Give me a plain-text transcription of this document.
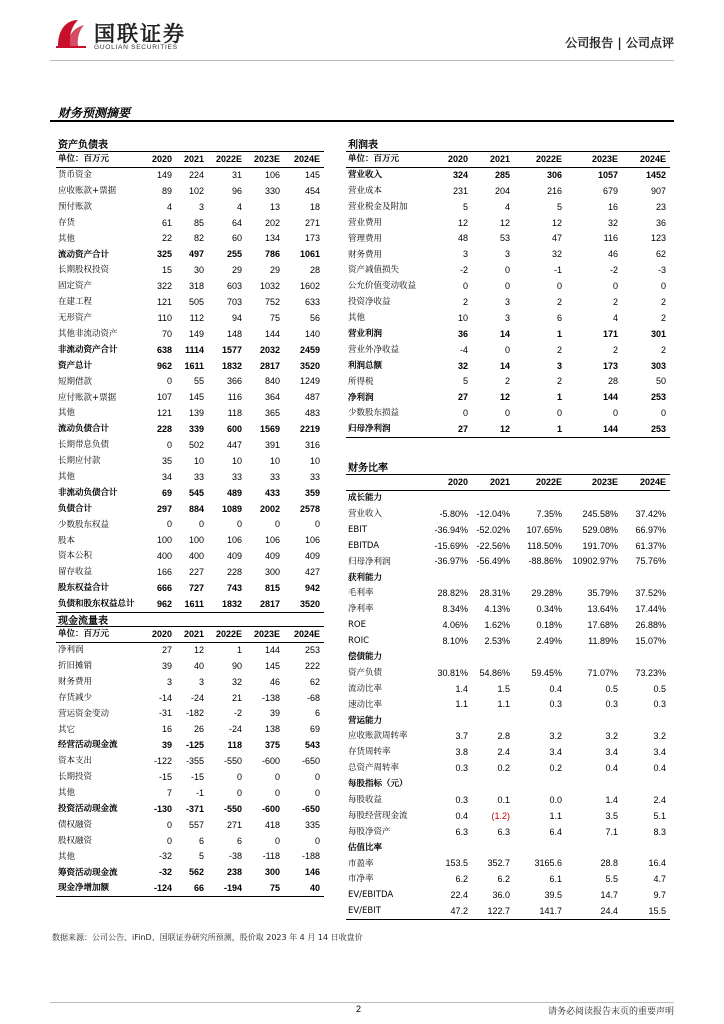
国联证券
GUOLIAN SECURITIES	公司报告 | 公司点评
财务预测摘要
资产负债表	利润表
财务比率
现金流量表
单位：百万元	2020	2021	2022E	2023E	2024E
货币资金	149	224	31	106	145
应收账款+票据	89	102	96	330	454
预付账款	4	3	4	13	18
存货	61	85	64	202	271
其他	22	82	60	134	173
流动资产合计	325	497	255	786	1061
长期股权投资	15	30	29	29	28
固定资产	322	318	603	1032	1602
在建工程	121	505	703	752	633
无形资产	110	112	94	75	56
其他非流动资产	70	149	148	144	140
非流动资产合计	638	1114	1577	2032	2459
资产总计	962	1611	1832	2817	3520
短期借款	0	55	366	840	1249
应付账款+票据	107	145	116	364	487
其他	121	139	118	365	483
流动负债合计	228	339	600	1569	2219
长期带息负债	0	502	447	391	316
长期应付款	35	10	10	10	10
其他	34	33	33	33	33
非流动负债合计	69	545	489	433	359
负债合计	297	884	1089	2002	2578
少数股东权益	0	0	0	0	0
股本	100	100	106	106	106
资本公积	400	400	409	409	409
留存收益	166	227	228	300	427
股东权益合计	666	727	743	815	942
负债和股东权益总计	962	1611	1832	2817	3520
单位：百万元	2020	2021	2022E	2023E	2024E
净利润	27	12	1	144	253
折旧摊销	39	40	90	145	222
财务费用	3	3	32	46	62
存货减少	-14	-24	21	-138	-68
营运资金变动	-31	-182	-2	39	6
其它	16	26	-24	138	69
经营活动现金流	39	-125	118	375	543
资本支出	-122	-355	-550	-600	-650
长期投资	-15	-15	0	0	0
其他	7	-1	0	0	0
投资活动现金流	-130	-371	-550	-600	-650
债权融资	0	557	271	418	335
股权融资	0	6	6	0	0
其他	-32	5	-38	-118	-188
筹资活动现金流	-32	562	238	300	146
现金净增加额	-124	66	-194	75	40
单位：百万元	2020	2021	2022E	2023E	2024E
营业收入	324	285	306	1057	1452
营业成本	231	204	216	679	907
营业税金及附加	5	4	5	16	23
营业费用	12	12	12	32	36
管理费用	48	53	47	116	123
财务费用	3	3	32	46	62
资产减值损失	-2	0	-1	-2	-3
公允价值变动收益	0	0	0	0	0
投资净收益	2	3	2	2	2
其他	10	3	6	4	2
营业利润	36	14	1	171	301
营业外净收益	-4	0	2	2	2
利润总额	32	14	3	173	303
所得税	5	2	2	28	50
净利润	27	12	1	144	253
少数股东损益	0	0	0	0	0
归母净利润	27	12	1	144	253
	2020	2021	2022E	2023E	2024E
成长能力					
营业收入	-5.80%	-12.04%	7.35%	245.58%	37.42%
EBIT	-36.94%	-52.02%	107.65%	529.08%	66.97%
EBITDA	-15.69%	-22.56%	118.50%	191.70%	61.37%
归母净利润	-36.97%	-56.49%	-88.86%	10902.97%	75.76%
获利能力					
毛利率	28.82%	28.31%	29.28%	35.79%	37.52%
净利率	8.34%	4.13%	0.34%	13.64%	17.44%
ROE	4.06%	1.62%	0.18%	17.68%	26.88%
ROIC	8.10%	2.53%	2.49%	11.89%	15.07%
偿债能力					
资产负债	30.81%	54.86%	59.45%	71.07%	73.23%
流动比率	1.4	1.5	0.4	0.5	0.5
速动比率	1.1	1.1	0.3	0.3	0.3
营运能力					
应收账款周转率	3.7	2.8	3.2	3.2	3.2
存货周转率	3.8	2.4	3.4	3.4	3.4
总资产周转率	0.3	0.2	0.2	0.4	0.4
每股指标（元）					
每股收益	0.3	0.1	0.0	1.4	2.4
每股经营现金流	0.4	(1.2)	1.1	3.5	5.1
每股净资产	6.3	6.3	6.4	7.1	8.3
估值比率					
市盈率	153.5	352.7	3165.6	28.8	16.4
市净率	6.2	6.2	6.1	5.5	4.7
EV/EBITDA	22.4	36.0	39.5	14.7	9.7
EV/EBIT	47.2	122.7	141.7	24.4	15.5
数据来源：公司公告、iFinD、国联证券研究所预测，股价取 2023 年 4 月 14 日收盘价
2	请务必阅读报告末页的重要声明
